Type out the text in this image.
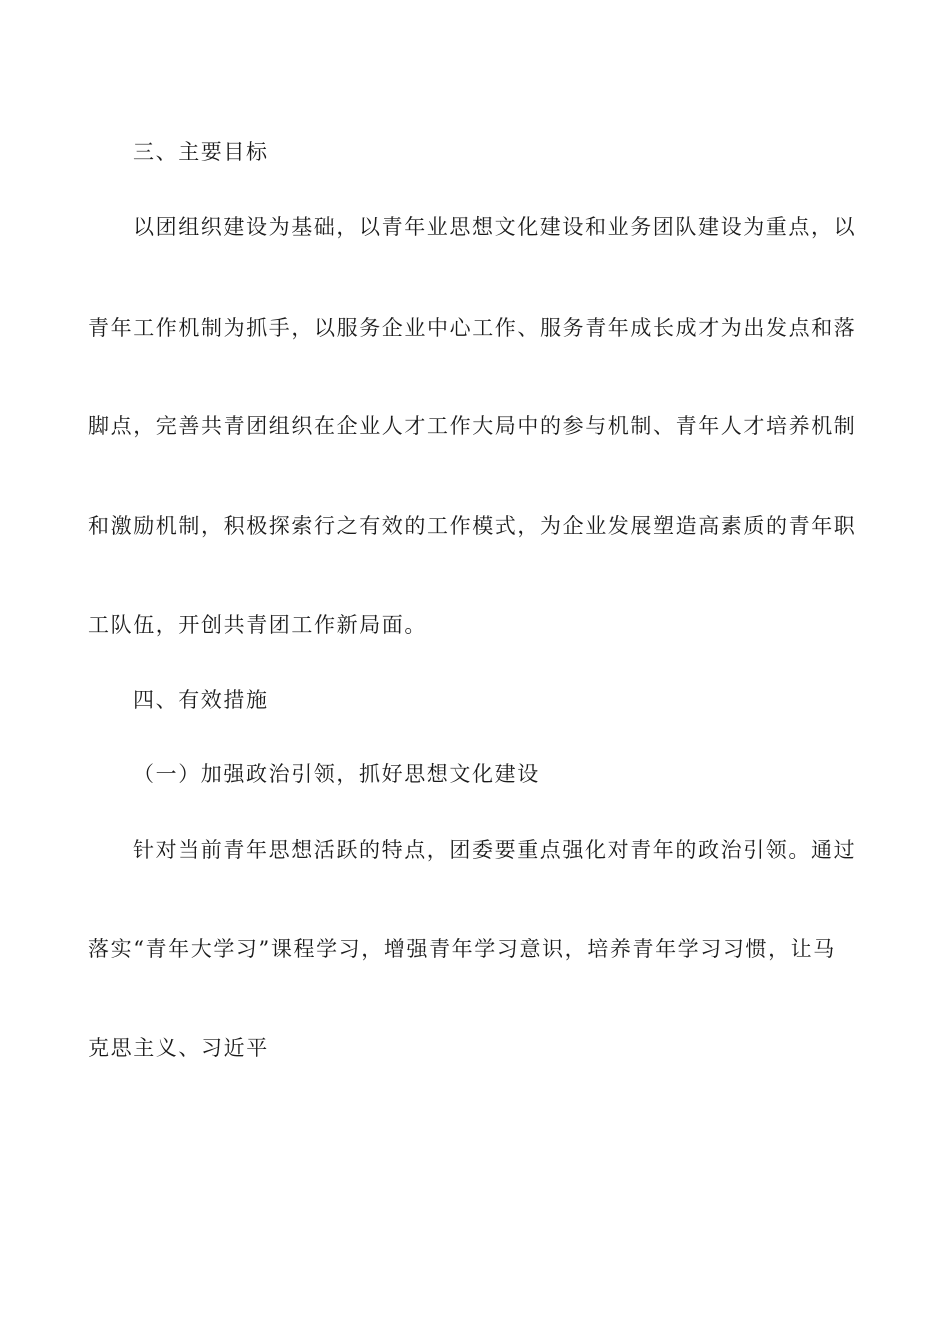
三、主要目标
以团组织建设为基础，以青年业思想文化建设和业务团队建设为重点，以
青年工作机制为抓手，以服务企业中心工作、服务青年成长成才为出发点和落
脚点，完善共青团组织在企业人才工作大局中的参与机制、青年人才培养机制
和激励机制，积极探索行之有效的工作模式，为企业发展塑造高素质的青年职
工队伍，开创共青团工作新局面。
四、有效措施
（一）加强政治引领，抓好思想文化建设
针对当前青年思想活跃的特点，团委要重点强化对青年的政治引领。通过
落实“青年大学习”课程学习，增强青年学习意识，培养青年学习习惯，让马
克思主义、习近平
